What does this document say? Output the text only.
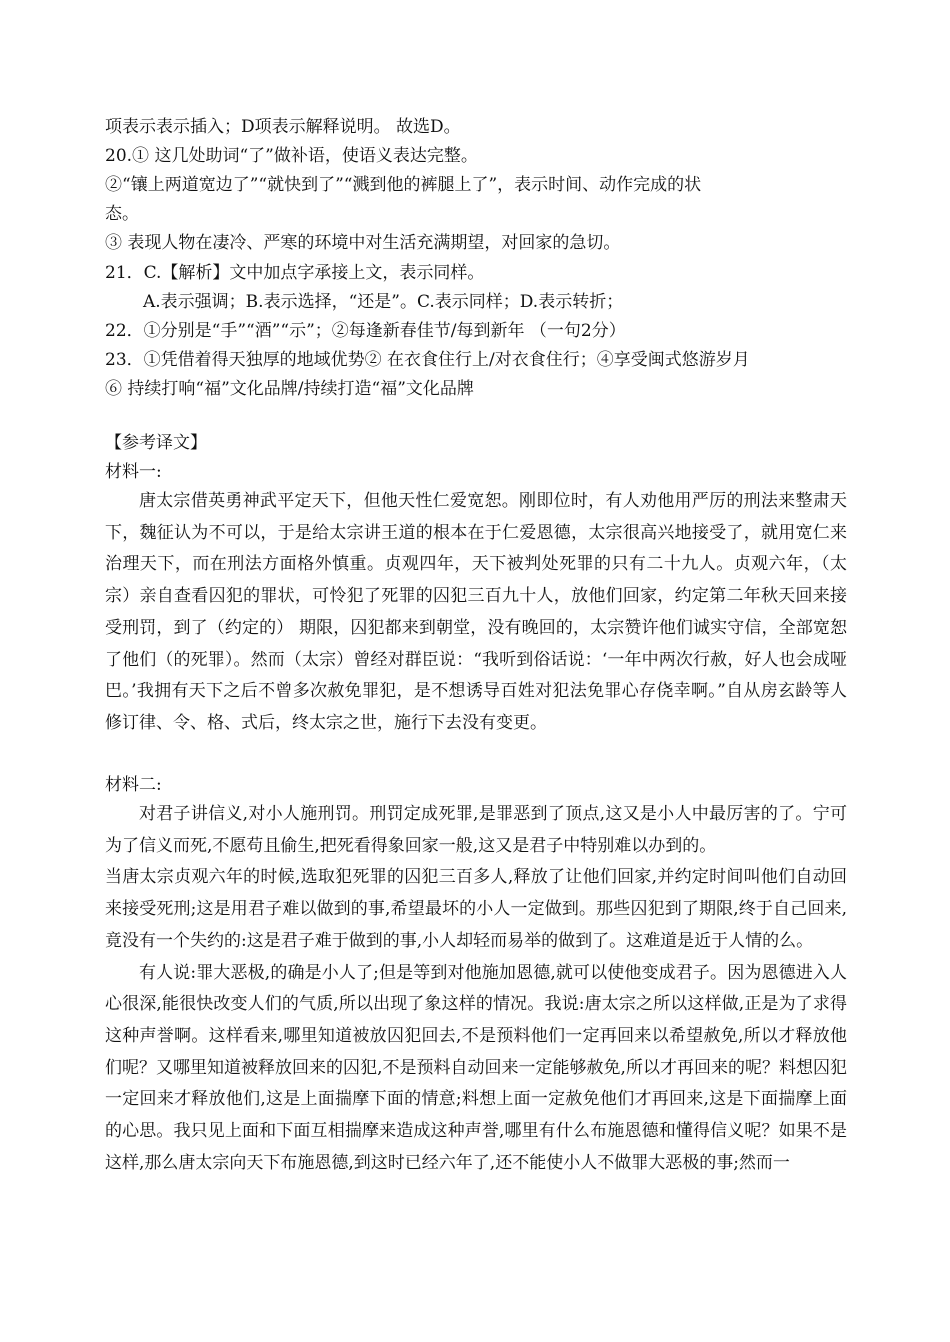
项表示表示插入；D项表示解释说明。 故选D。
20.① 这几处助词“了”做补语，使语义表达完整。
②“镶上两道宽边了”“就快到了”“溅到他的裤腿上了”，表示时间、动作完成的状
态。
③ 表现人物在凄冷、严寒的环境中对生活充满期望，对回家的急切。
21．C.【解析】文中加点字承接上文，表示同样。
A.表示强调；B.表示选择，“还是”。C.表示同样；D.表示转折；
22．①分别是“手”“酒”“示”；②每逢新春佳节/每到新年 （一句2分）
23．①凭借着得天独厚的地域优势② 在衣食住行上/对衣食住行；④享受闽式悠游岁月
⑥ 持续打响“福”文化品牌/持续打造“福”文化品牌
【参考译文】
材料一:

唐太宗借英勇神武平定天下，但他天性仁爱宽恕。刚即位时，有人劝他用严厉的刑法来整肃天下，魏征认为不可以，于是给太宗讲王道的根本在于仁爱恩德，太宗很高兴地接受了，就用宽仁来治理天下，而在刑法方面格外慎重。贞观四年，天下被判处死罪的只有二十九人。贞观六年，（太宗）亲自查看囚犯的罪状，可怜犯了死罪的囚犯三百九十人，放他们回家，约定第二年秋天回来接受刑罚，到了（约定的） 期限，囚犯都来到朝堂，没有晚回的，太宗赞许他们诚实守信，全部宽恕了他们（的死罪）。然而（太宗）曾经对群臣说：“我听到俗话说：‘一年中两次行赦，好人也会成哑巴。’我拥有天下之后不曾多次赦免罪犯，是不想诱导百姓对犯法免罪心存侥幸啊。”自从房玄龄等人修订律、令、格、式后，终太宗之世，施行下去没有变更。

材料二:

对君子讲信义,对小人施刑罚。刑罚定成死罪,是罪恶到了顶点,这又是小人中最厉害的了。宁可为了信义而死,不愿苟且偷生,把死看得象回家一般,这又是君子中特别难以办到的。

当唐太宗贞观六年的时候,选取犯死罪的囚犯三百多人,释放了让他们回家,并约定时间叫他们自动回来接受死刑;这是用君子难以做到的事,希望最坏的小人一定做到。那些囚犯到了期限,终于自己回来,竟没有一个失约的:这是君子难于做到的事,小人却轻而易举的做到了。这难道是近于人情的么。

有人说:罪大恶极,的确是小人了;但是等到对他施加恩德,就可以使他变成君子。因为恩德进入人心很深,能很快改变人们的气质,所以出现了象这样的情况。我说:唐太宗之所以这样做,正是为了求得这种声誉啊。这样看来,哪里知道被放囚犯回去,不是预料他们一定再回来以希望赦免,所以才释放他们呢？又哪里知道被释放回来的囚犯,不是预料自动回来一定能够赦免,所以才再回来的呢？料想囚犯一定回来才释放他们,这是上面揣摩下面的情意;料想上面一定赦免他们才再回来,这是下面揣摩上面的心思。我只见上面和下面互相揣摩来造成这种声誉,哪里有什么布施恩德和懂得信义呢？如果不是这样,那么唐太宗向天下布施恩德,到这时已经六年了,还不能使小人不做罪大恶极的事;然而一
